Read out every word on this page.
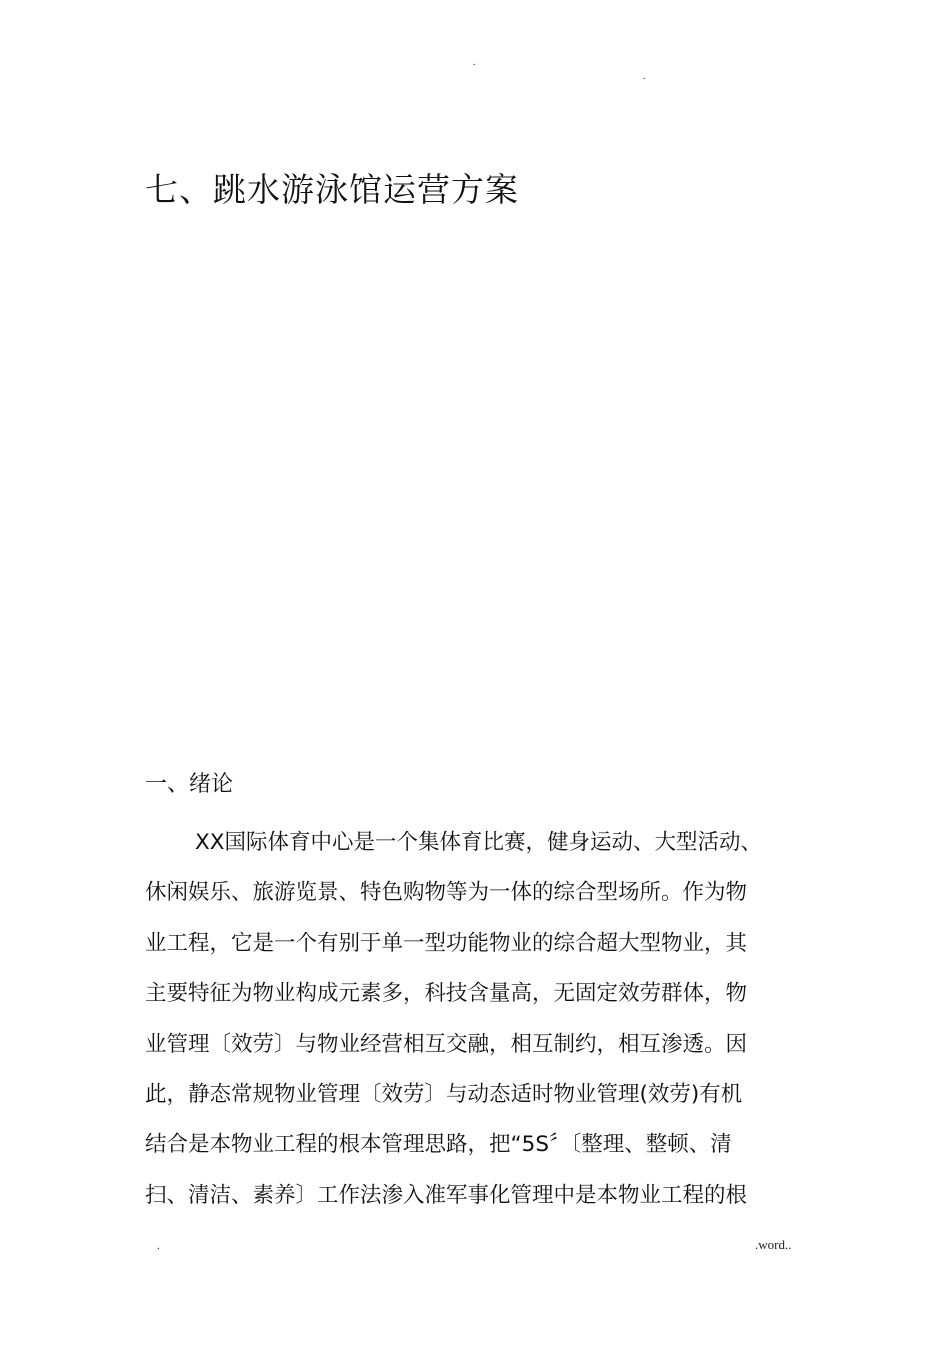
.
.
七、跳水游泳馆运营方案
一、绪论
XX国际体育中心是一个集体育比赛，健身运动、大型活动、
休闲娱乐、旅游览景、特色购物等为一体的综合型场所。作为物
业工程，它是一个有别于单一型功能物业的综合超大型物业，其
主要特征为物业构成元素多，科技含量高，无固定效劳群体，物
业管理〔效劳〕与物业经营相互交融，相互制约，相互渗透。因
此，静态常规物业管理〔效劳〕与动态适时物业管理(效劳)有机
结合是本物业工程的根本管理思路，把“5S〞〔整理、整顿、清
扫、清洁、素养〕工作法渗入准军事化管理中是本物业工程的根
.	.word..
